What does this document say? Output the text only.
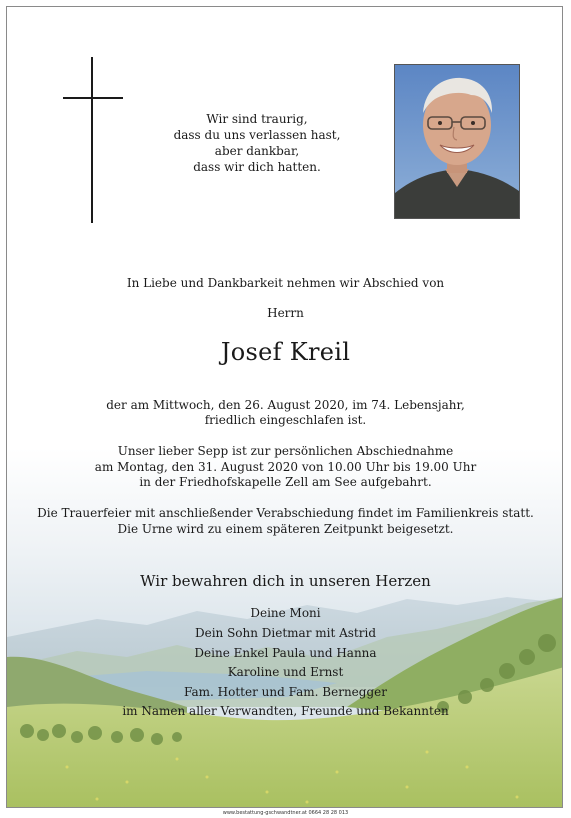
Wir sind traurig,
dass du uns verlassen hast,
aber dankbar,
dass wir dich hatten.
In Liebe und Dankbarkeit nehmen wir Abschied von
Herrn
Josef Kreil
der am Mittwoch, den 26. August 2020, im 74. Lebensjahr,
friedlich eingeschlafen ist.
Unser lieber Sepp ist zur persönlichen Abschiednahme
am Montag, den 31. August 2020 von 10.00 Uhr bis 19.00 Uhr
in der Friedhofskapelle Zell am See aufgebahrt.
Die Trauerfeier mit anschließender Verabschiedung findet im Familienkreis statt.
Die Urne wird zu einem späteren Zeitpunkt beigesetzt.
Wir bewahren dich in unseren Herzen
Deine Moni
Dein Sohn Dietmar mit Astrid
Deine Enkel Paula und Hanna
Karoline und Ernst
Fam. Hotter und Fam. Bernegger
im Namen aller Verwandten, Freunde und Bekannten
www.bestattung-gschwandtner.at 0664 28 28 013
